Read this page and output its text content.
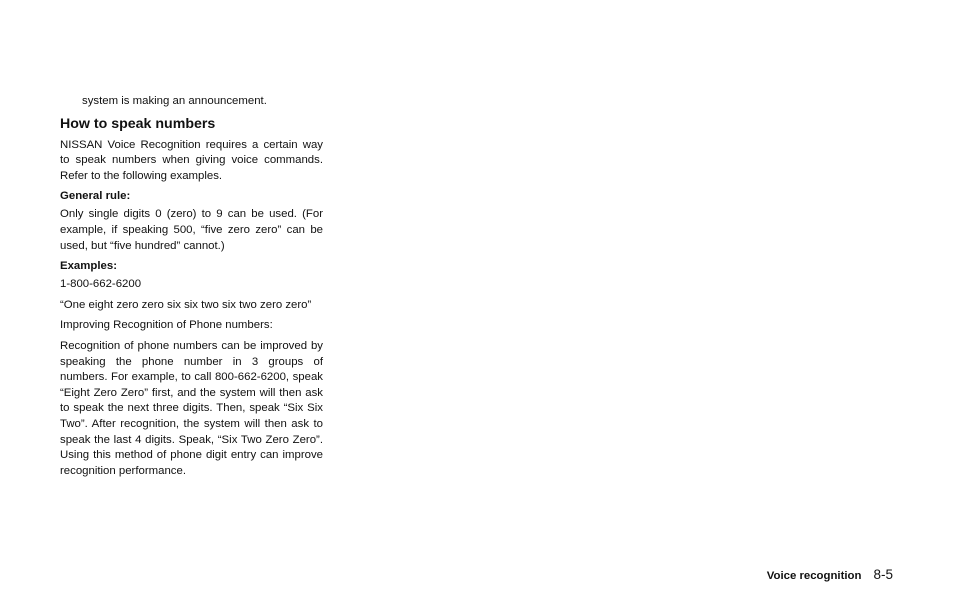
system is making an announcement.

How to speak numbers

NISSAN Voice Recognition requires a certain way to speak numbers when giving voice commands. Refer to the following examples.

General rule:

Only single digits 0 (zero) to 9 can be used. (For example, if speaking 500, “five zero zero” can be used, but “five hundred” cannot.)

Examples:

1-800-662-6200

“One eight zero zero six six two six two zero zero”

Improving Recognition of Phone numbers:

Recognition of phone numbers can be improved by speaking the phone number in 3 groups of numbers. For example, to call 800-662-6200, speak “Eight Zero Zero” first, and the system will then ask to speak the next three digits. Then, speak “Six Six Two”. After recognition, the system will then ask to speak the last 4 digits. Speak, “Six Two Zero Zero”. Using this method of phone digit entry can improve recognition performance.

Voice recognition 8-5
